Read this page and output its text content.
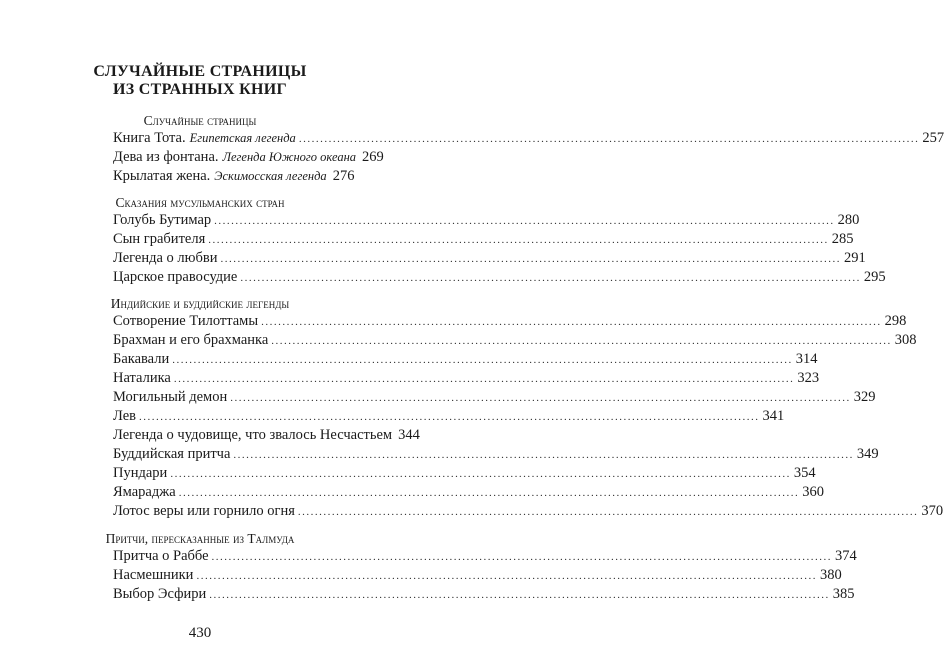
СЛУЧАЙНЫЕ СТРАНИЦЫ
ИЗ СТРАННЫХ КНИГ
Случайные страницы
Книга Тота. Египетская легенда .....	257
Дева из фонтана. Легенда Южного океана 269
Крылатая жена. Эскимосская легенда 276
Сказания мусульманских стран
Голубь Бутимар .....	280
Сын грабителя .....	285
Легенда о любви .....	291
Царское правосудие .....	295
Индийские и буддийские легенды
Сотворение Тилоттамы .....	298
Брахман и его брахманка .....	308
Бакавали .....	314
Наталика .....	323
Могильный демон .....	329
Лев .....	341
Легенда о чудовище, что звалось Несчастьем 344
Буддийская притча .....	349
Пундари .....	354
Ямараджа .....	360
Лотос веры или горнило огня .....	370
Притчи, пересказанные из Талмуда
Притча о Раббе .....	374
Насмешники .....	380
Выбор Эсфири .....	385
430
